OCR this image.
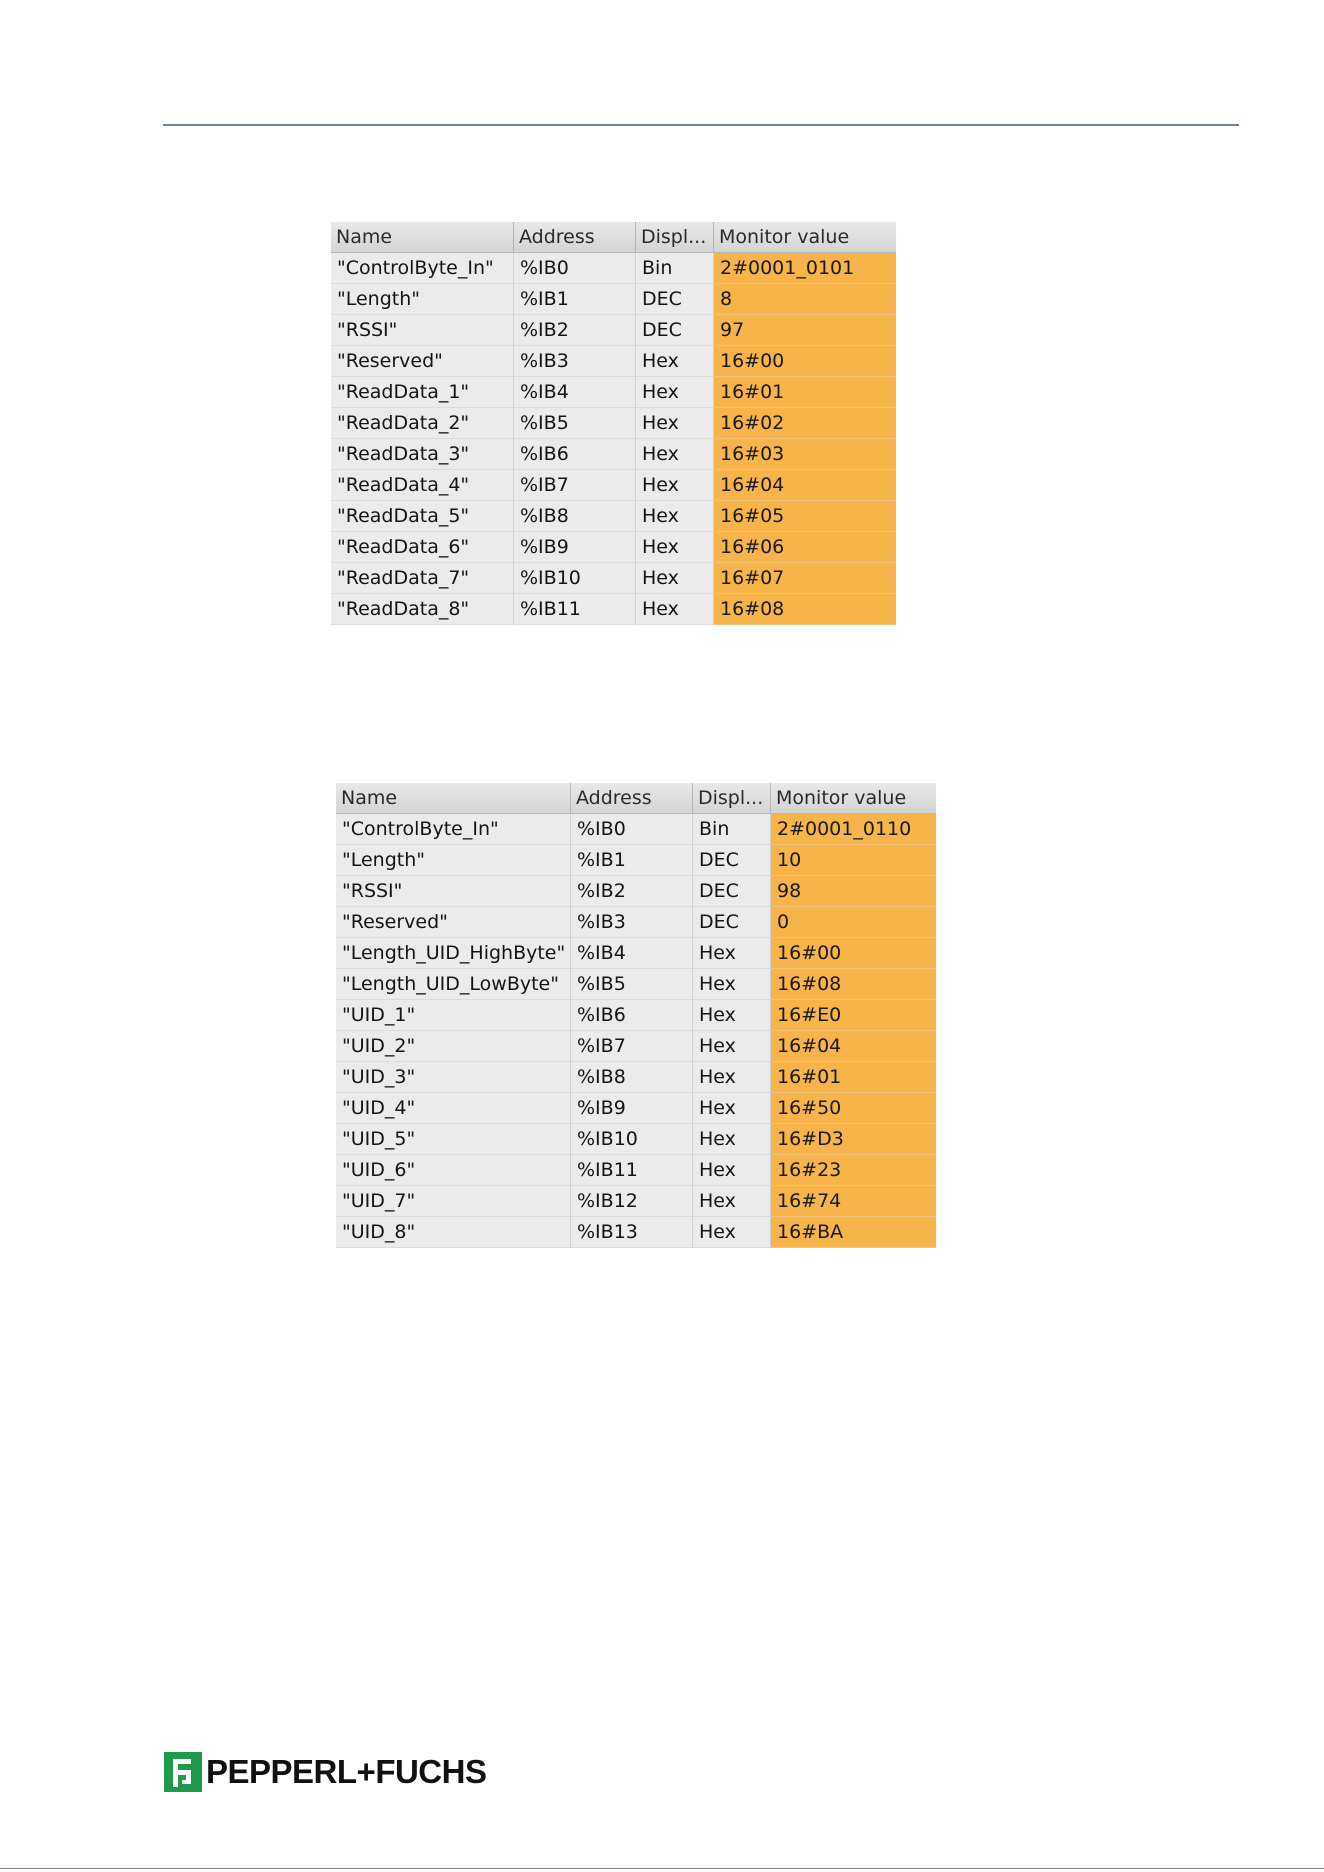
Name	Address	Displ... Monitor value
"ControlByte_In"	%IB0	Bin	2#0001_0101
"Length"	%IB1	DEC	8
"RSSI"	%IB2	DEC	97
"Reserved"	%IB3	Hex	16#00
"ReadData_1"	%IB4	Hex	16#01
"ReadData_2"	%IB5	Hex	16#02
"ReadData_3"	%IB6	Hex	16#03
"ReadData_4"	%IB7	Hex	16#04
"ReadData_5"	%IB8	Hex	16#05
"ReadData_6"	%IB9	Hex	16#06
"ReadData_7"	%IB10	Hex	16#07
"ReadData_8"	%IB11	Hex	16#08
Name	Address	Displ... Monitor value
"ControlByte_In"	%IB0	Bin	2#0001_0110
"Length"	%IB1	DEC	10
"RSSI"	%IB2	DEC	98
"Reserved"	%IB3	DEC	0
"Length_UID_HighByte" %IB4	Hex	16#00
"Length_UID_LowByte" %IB5	Hex	16#08
"UID_1"	%IB6	Hex	16#E0
"UID_2"	%IB7	Hex	16#04
"UID_3"	%IB8	Hex	16#01
"UID_4"	%IB9	Hex	16#50
"UID_5"	%IB10	Hex	16#D3
"UID_6"	%IB11	Hex	16#23
"UID_7"	%IB12	Hex	16#74
"UID_8"	%IB13	Hex	16#BA
PEPPERL+FUCHS
